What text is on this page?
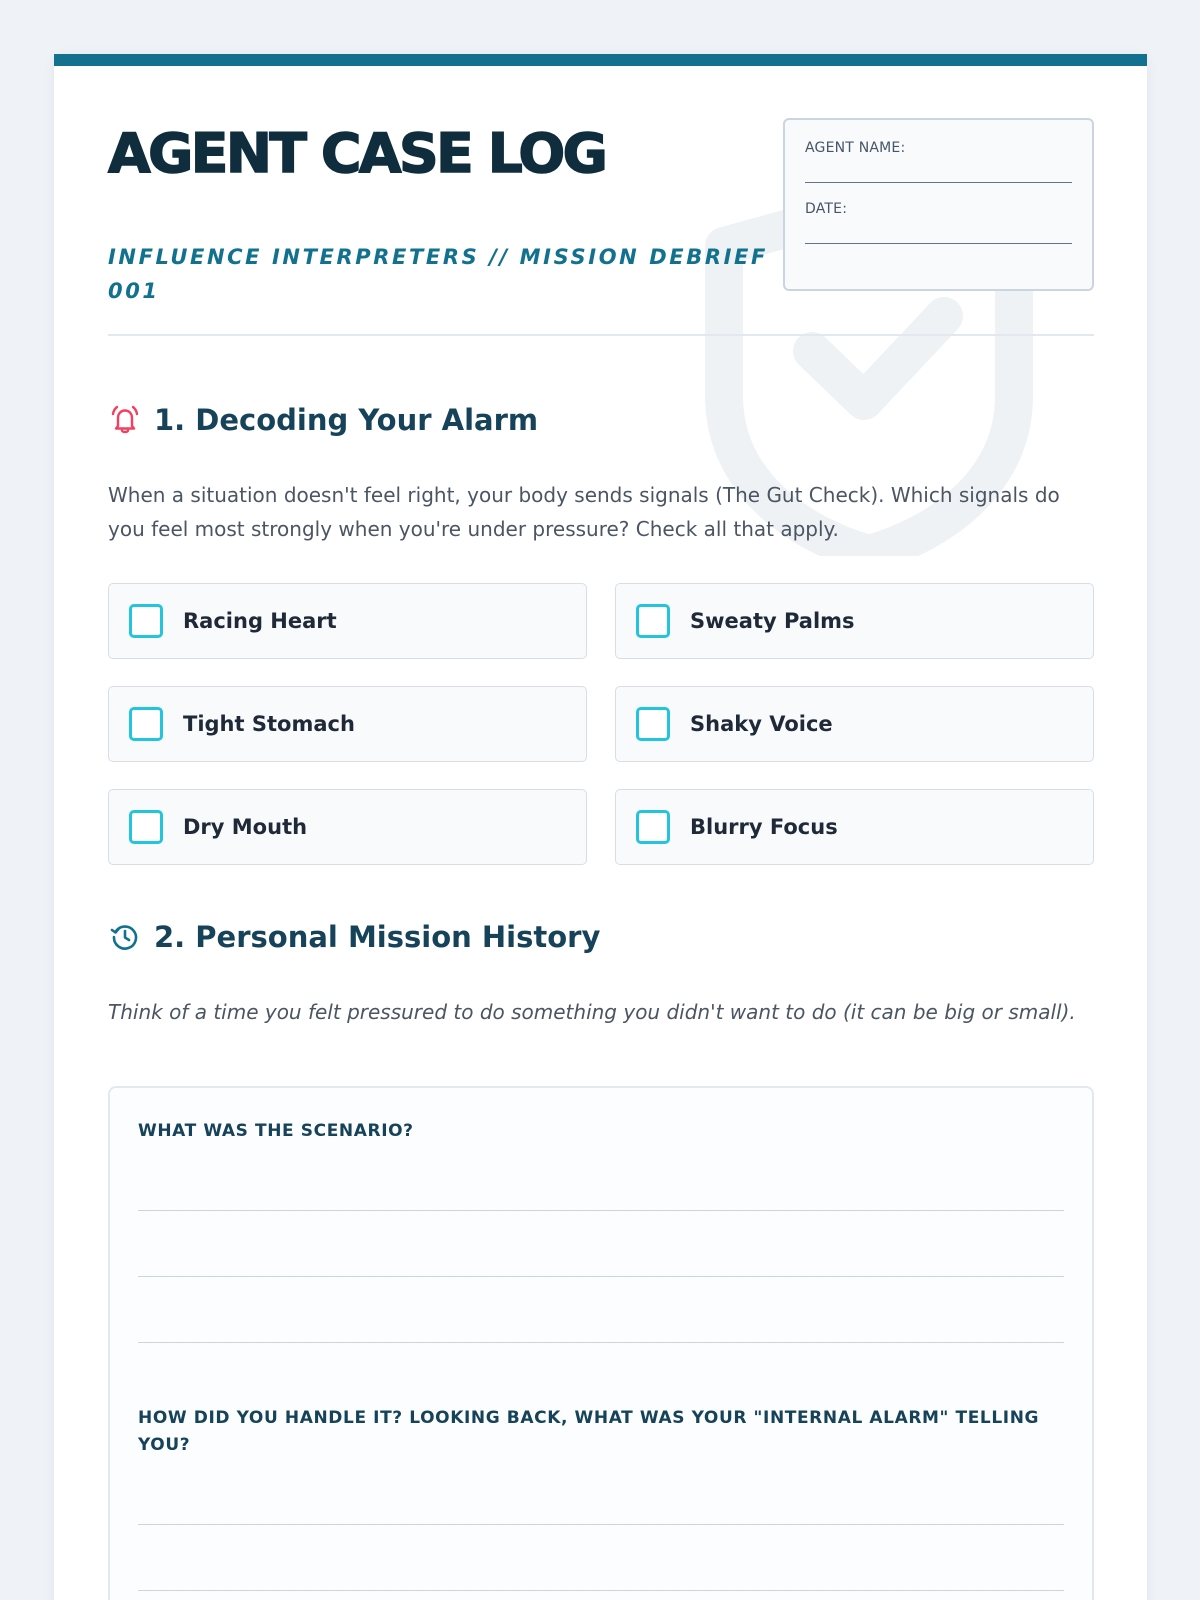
AGENT CASE LOG
INFLUENCE INTERPRETERS // MISSION DEBRIEF 001
AGENT NAME:
DATE:
1. Decoding Your Alarm
When a situation doesn't feel right, your body sends signals (The Gut Check). Which signals do you feel most strongly when you're under pressure? Check all that apply.
Racing Heart	Sweaty Palms
Tight Stomach	Shaky Voice
Dry Mouth	Blurry Focus
2. Personal Mission History
Think of a time you felt pressured to do something you didn't want to do (it can be big or small).
WHAT WAS THE SCENARIO?
HOW DID YOU HANDLE IT? LOOKING BACK, WHAT WAS YOUR "INTERNAL ALARM" TELLING YOU?
